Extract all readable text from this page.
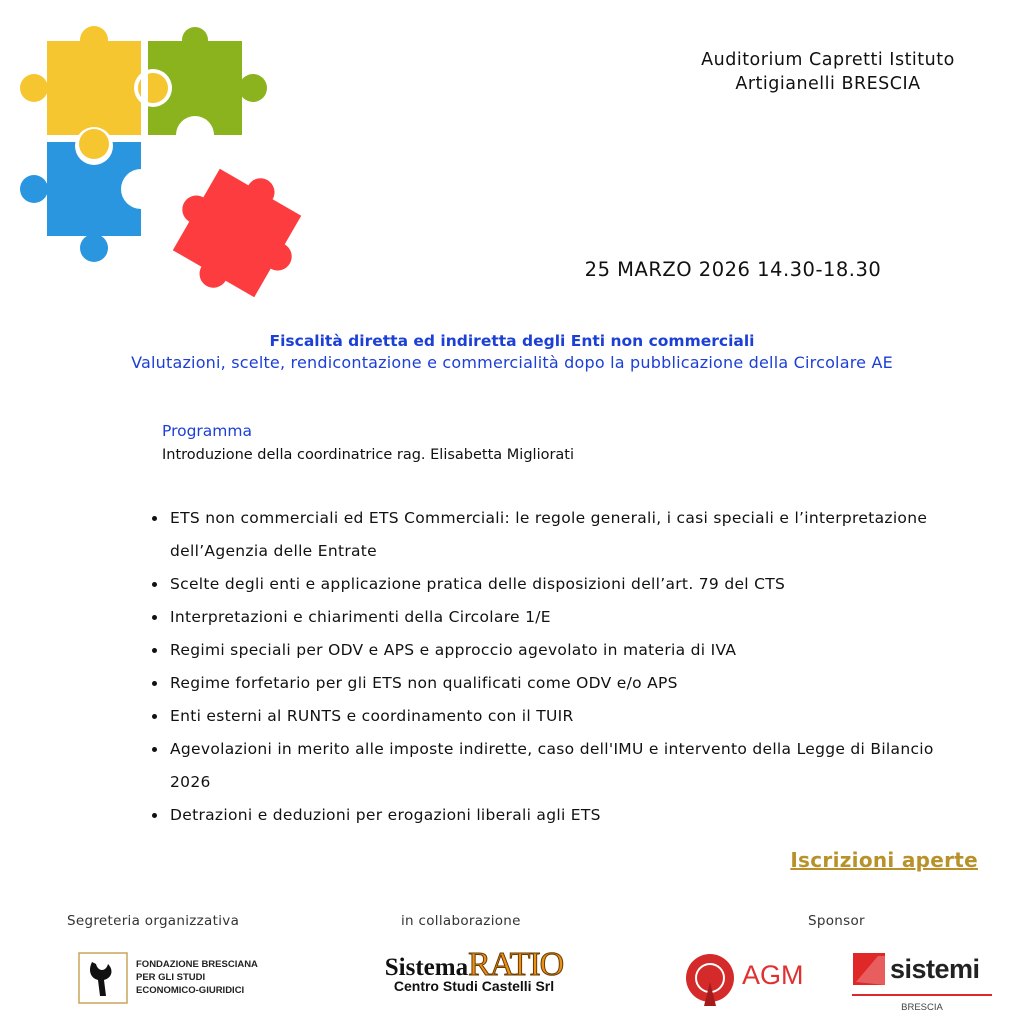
Auditorium Capretti Istituto
Artigianelli BRESCIA
25 MARZO 2026 14.30-18.30
Fiscalità diretta ed indiretta degli Enti non commerciali
Valutazioni, scelte, rendicontazione e commercialità dopo la pubblicazione della Circolare AE
Programma
Introduzione della coordinatrice rag. Elisabetta Migliorati
ETS non commerciali ed ETS Commerciali: le regole generali, i casi speciali e l’interpretazione dell’Agenzia delle Entrate
Scelte degli enti e applicazione pratica delle disposizioni dell’art. 79 del CTS
Interpretazioni e chiarimenti della Circolare 1/E
Regimi speciali per ODV e APS e approccio agevolato in materia di IVA
Regime forfetario per gli ETS non qualificati come ODV e/o APS
Enti esterni al RUNTS e coordinamento con il TUIR
Agevolazioni in merito alle imposte indirette, caso dell'IMU e intervento della Legge di Bilancio 2026
Detrazioni e deduzioni per erogazioni liberali agli ETS
Iscrizioni aperte
Segreteria organizzativa	in collaborazione	Sponsor
FONDAZIONE BRESCIANA
PER GLI STUDI
ECONOMICO-GIURIDICI
SistemaRATIO
Centro Studi Castelli Srl	AGM	sistemi
BRESCIA
